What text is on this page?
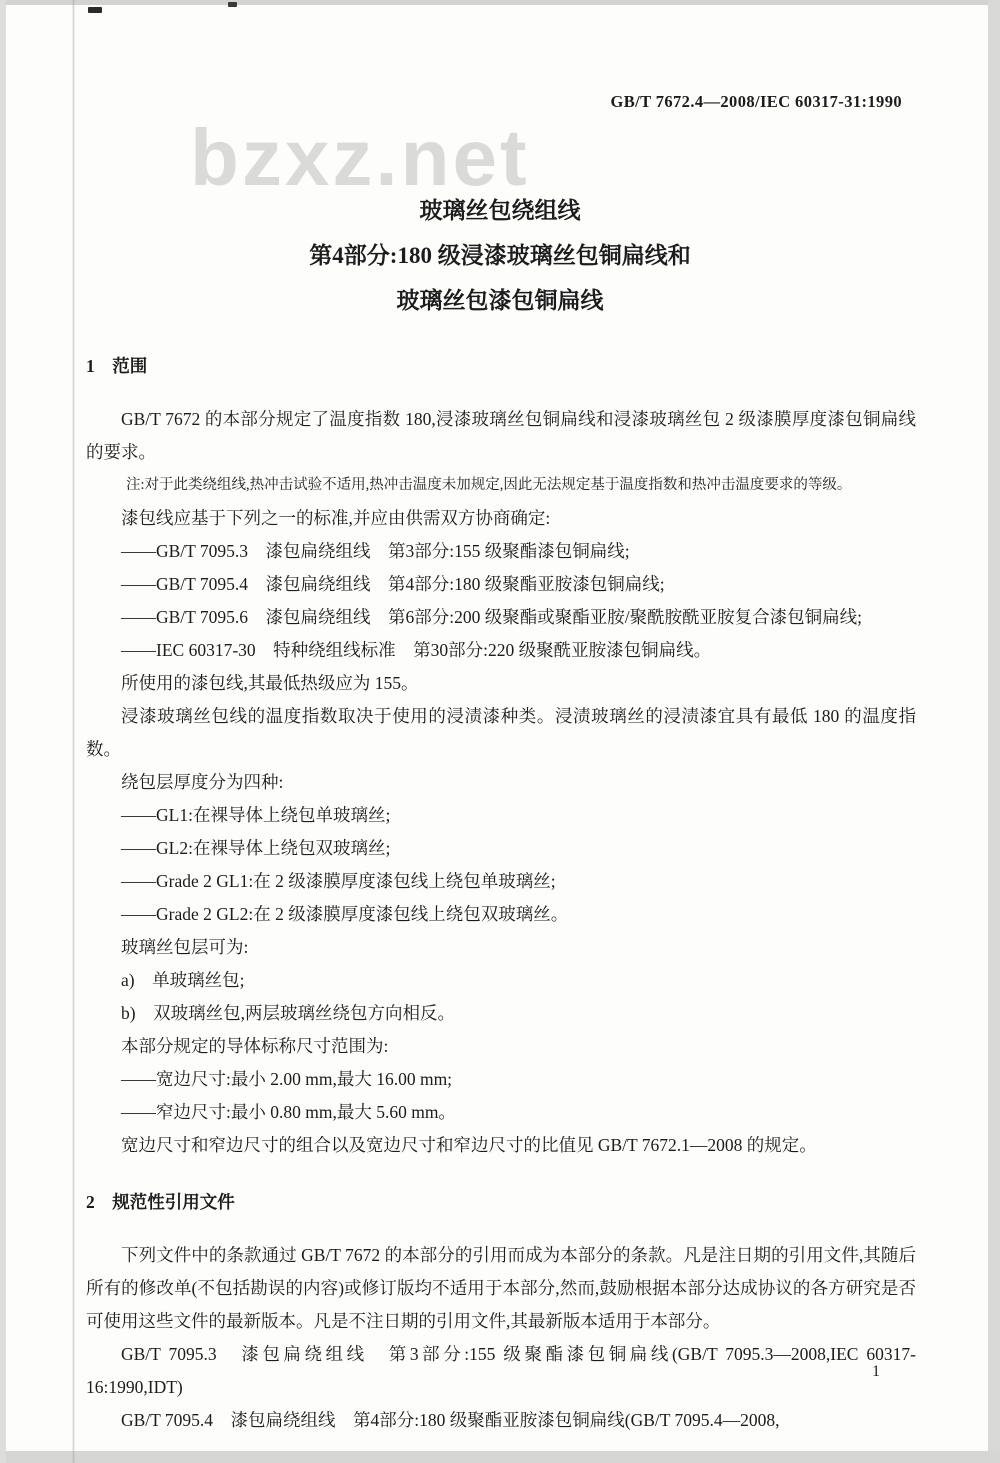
bzxz.net
GB/T 7672.4—2008/IEC 60317-31:1990
玻璃丝包绕组线
第4部分:180 级浸漆玻璃丝包铜扁线和
玻璃丝包漆包铜扁线
1　范围
GB/T 7672 的本部分规定了温度指数 180,浸漆玻璃丝包铜扁线和浸漆玻璃丝包 2 级漆膜厚度漆包铜扁线的要求。
注:对于此类绕组线,热冲击试验不适用,热冲击温度未加规定,因此无法规定基于温度指数和热冲击温度要求的等级。
漆包线应基于下列之一的标准,并应由供需双方协商确定:
——GB/T 7095.3　漆包扁绕组线　第3部分:155 级聚酯漆包铜扁线;
——GB/T 7095.4　漆包扁绕组线　第4部分:180 级聚酯亚胺漆包铜扁线;
——GB/T 7095.6　漆包扁绕组线　第6部分:200 级聚酯或聚酯亚胺/聚酰胺酰亚胺复合漆包铜扁线;
——IEC 60317-30　特种绕组线标准　第30部分:220 级聚酰亚胺漆包铜扁线。
所使用的漆包线,其最低热级应为 155。
浸漆玻璃丝包线的温度指数取决于使用的浸渍漆种类。浸渍玻璃丝的浸渍漆宜具有最低 180 的温度指数。
绕包层厚度分为四种:
——GL1:在裸导体上绕包单玻璃丝;
——GL2:在裸导体上绕包双玻璃丝;
——Grade 2 GL1:在 2 级漆膜厚度漆包线上绕包单玻璃丝;
——Grade 2 GL2:在 2 级漆膜厚度漆包线上绕包双玻璃丝。
玻璃丝包层可为:
a)　单玻璃丝包;
b)　双玻璃丝包,两层玻璃丝绕包方向相反。
本部分规定的导体标称尺寸范围为:
——宽边尺寸:最小 2.00 mm,最大 16.00 mm;
——窄边尺寸:最小 0.80 mm,最大 5.60 mm。
宽边尺寸和窄边尺寸的组合以及宽边尺寸和窄边尺寸的比值见 GB/T 7672.1—2008 的规定。
2　规范性引用文件
下列文件中的条款通过 GB/T 7672 的本部分的引用而成为本部分的条款。凡是注日期的引用文件,其随后所有的修改单(不包括勘误的内容)或修订版均不适用于本部分,然而,鼓励根据本部分达成协议的各方研究是否可使用这些文件的最新版本。凡是不注日期的引用文件,其最新版本适用于本部分。
GB/T 7095.3　漆包扁绕组线　第3部分:155 级聚酯漆包铜扁线(GB/T 7095.3—2008,IEC 60317-16:1990,IDT)
GB/T 7095.4　漆包扁绕组线　第4部分:180 级聚酯亚胺漆包铜扁线(GB/T 7095.4—2008,
1
